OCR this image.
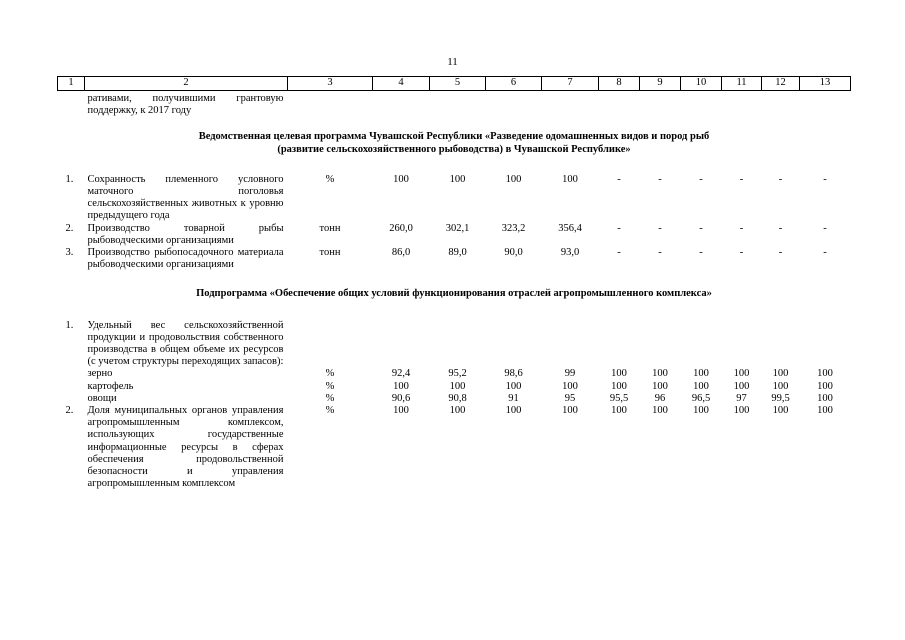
11
1	2	3	4	5	6	7	8	9	10	11	12	13
	ративами, получившими грантовую поддержку, к 2017 году											

Ведомственная целевая программа Чувашской Республики «Разведение одомашненных видов и пород рыб
(развитие сельскохозяйственного рыбоводства) в Чувашской Республике»												

1.	Сохранность племенного условного маточного поголовья сельскохозяйственных животных к уровню предыдущего года	%	100	100	100	100	-	-	-	-	-	-
2.	Производство товарной рыбы рыбоводческими организациями	тонн	260,0	302,1	323,2	356,4	-	-	-	-	-	-
3.	Производство рыбопосадочного материала рыбоводческими организациями	тонн	86,0	89,0	90,0	93,0	-	-	-	-	-	-

Подпрограмма «Обеспечение общих условий функционирования отраслей агропромышленного комплекса»												

1.	Удельный вес сельскохозяйственной продукции и продовольствия собственного производства в общем объеме их ресурсов (с учетом структуры переходящих запасов):											
	зерно	%	92,4	95,2	98,6	99	100	100	100	100	100	100
	картофель	%	100	100	100	100	100	100	100	100	100	100
	овощи	%	90,6	90,8	91	95	95,5	96	96,5	97	99,5	100
2.	Доля муниципальных органов управления агропромышленным комплексом, использующих государственные информационные ресурсы в сферах обеспечения продовольственной безопасности и управления агропромышленным комплексом	%	100	100	100	100	100	100	100	100	100	100
